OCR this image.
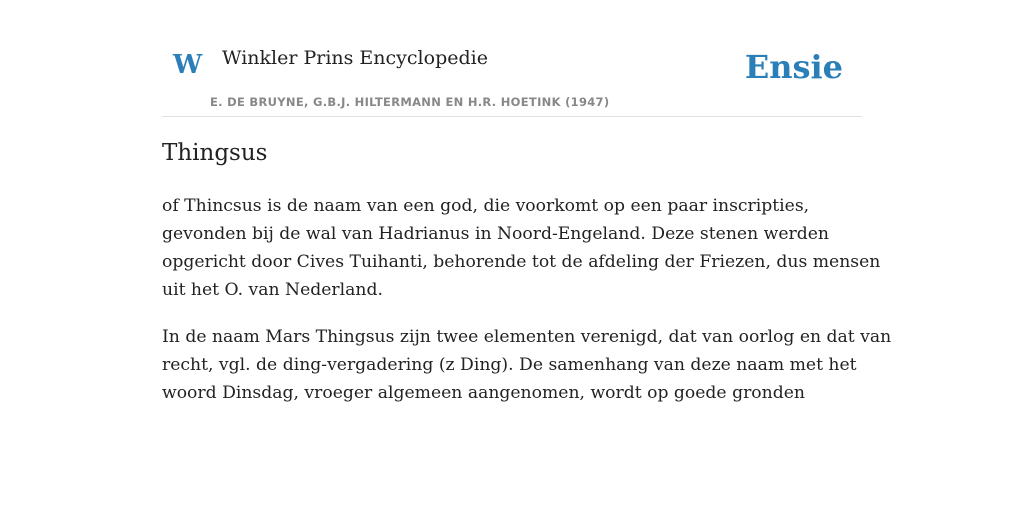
W Winkler Prins Encyclopedie
E. DE BRUYNE, G.B.J. HILTERMANN EN H.R. HOETINK (1947)
Ensie
Thingsus

of Thincsus is de naam van een god, die voorkomt op een paar inscripties,
gevonden bij de wal van Hadrianus in Noord-Engeland. Deze stenen werden
opgericht door Cives Tuihanti, behorende tot de afdeling der Friezen, dus mensen
uit het O. van Nederland.

In de naam Mars Thingsus zijn twee elementen verenigd, dat van oorlog en dat van
recht, vgl. de ding-vergadering (z Ding). De samenhang van deze naam met het
woord Dinsdag, vroeger algemeen aangenomen, wordt op goede gronden
